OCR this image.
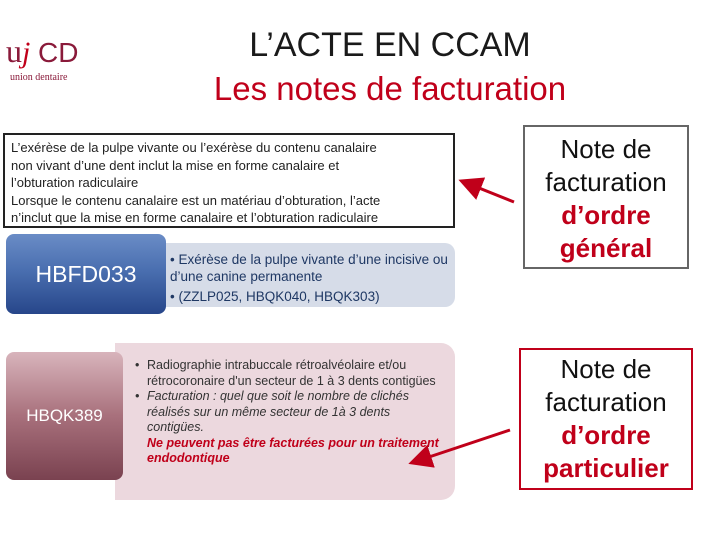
u j CD
union dentaire
L’ACTE EN CCAM
Les notes de facturation
L’exérèse de la pulpe vivante ou l’exérèse du contenu canalaire
non vivant d’une dent inclut la mise en forme canalaire et
l’obturation radiculaire
Lorsque le contenu canalaire est un matériau d’obturation, l’acte
n’inclut que la mise en forme canalaire et l’obturation radiculaire
• Exérèse de la pulpe vivante d’une incisive ou d’une canine permanente
• (ZZLP025, HBQK040, HBQK303)
HBFD033
• Radiographie intrabuccale rétroalvéolaire et/ou rétrocoronaire d'un secteur de 1 à 3 dents contigües
• Facturation : quel que soit le nombre de clichés réalisés sur un même secteur de 1à 3 dents contigües.
Ne peuvent pas être facturées pour un traitement endodontique
HBQK389
Note de
facturation
d’ordre
général
Note de
facturation
d’ordre
particulier
